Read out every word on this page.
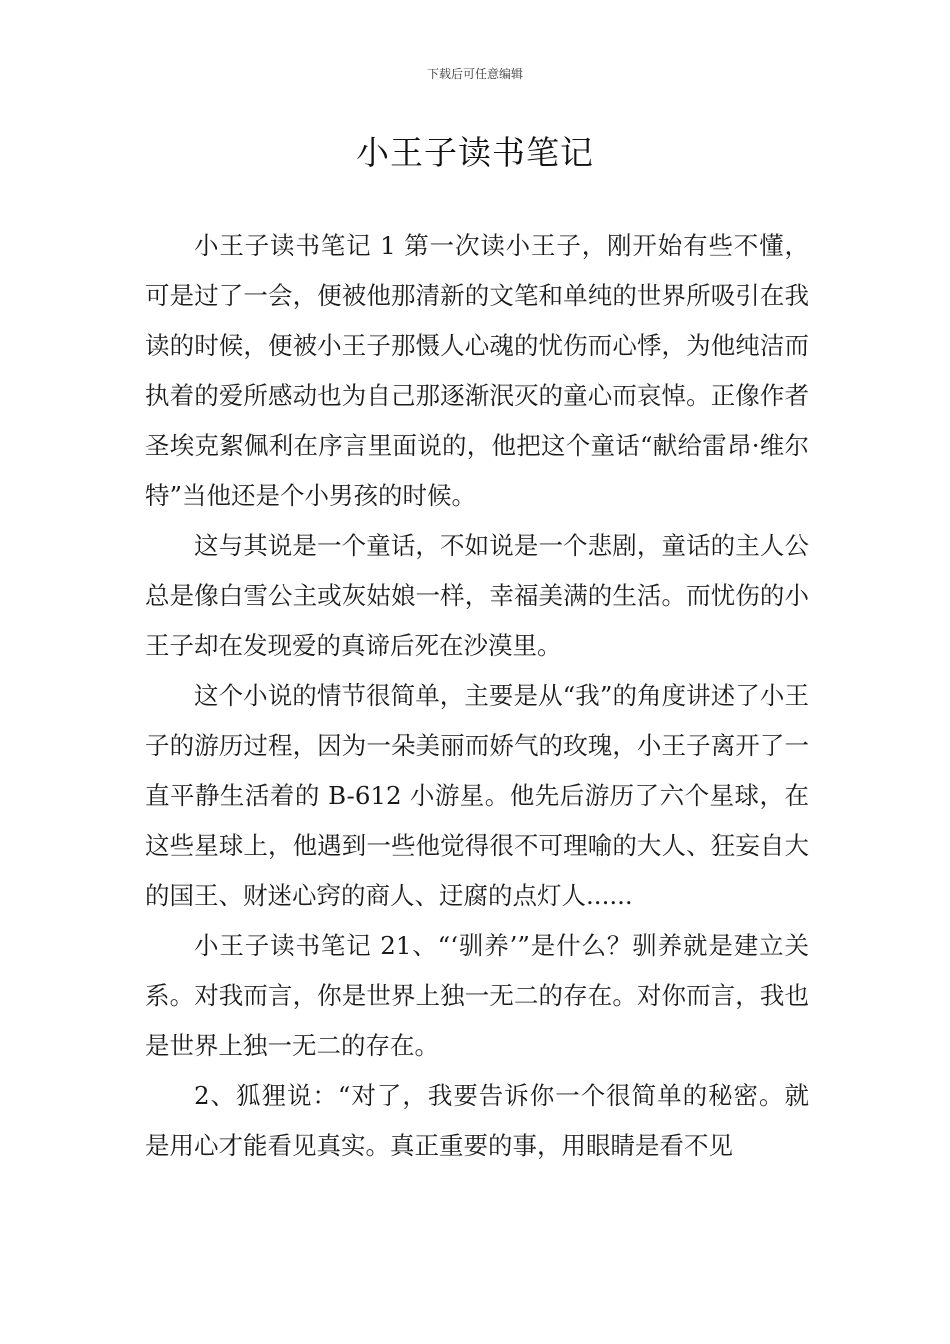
下载后可任意编辑
小王子读书笔记

小王子读书笔记 1 第一次读小王子，刚开始有些不懂，可是过了一会，便被他那清新的文笔和单纯的世界所吸引在我读的时候，便被小王子那慑人心魂的忧伤而心悸，为他纯洁而执着的爱所感动也为自己那逐渐泯灭的童心而哀悼。正像作者圣埃克絮佩利在序言里面说的，他把这个童话“献给雷昂·维尔特”当他还是个小男孩的时候。

这与其说是一个童话，不如说是一个悲剧，童话的主人公总是像白雪公主或灰姑娘一样，幸福美满的生活。而忧伤的小王子却在发现爱的真谛后死在沙漠里。

这个小说的情节很简单，主要是从“我”的角度讲述了小王子的游历过程，因为一朵美丽而娇气的玫瑰，小王子离开了一直平静生活着的 B-612 小游星。他先后游历了六个星球，在这些星球上，他遇到一些他觉得很不可理喻的大人、狂妄自大的国王、财迷心窍的商人、迂腐的点灯人......

小王子读书笔记 21、“‘驯养’”是什么？驯养就是建立关系。对我而言，你是世界上独一无二的存在。对你而言，我也是世界上独一无二的存在。

2、狐狸说：“对了，我要告诉你一个很简单的秘密。就是用心才能看见真实。真正重要的事，用眼睛是看不见
